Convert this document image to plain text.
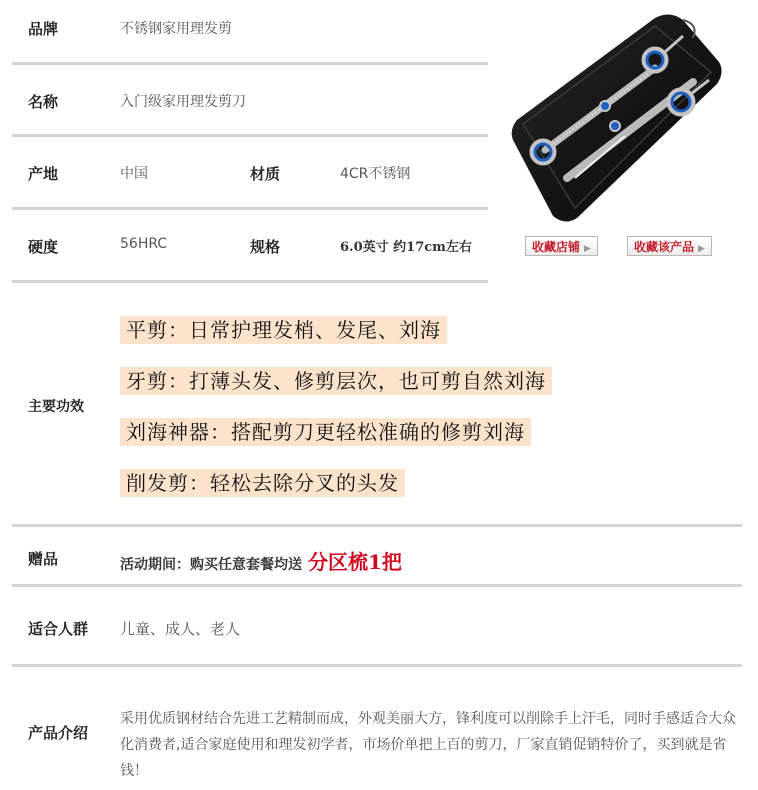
品牌	不锈钢家用理发剪
名称	入门级家用理发剪刀
产地	中国	材质	4CR不锈钢
硬度	56HRC	规格	6.0英寸 约17cm左右	收藏店铺 ▶	收藏该产品 ▶
主要功效
平剪：日常护理发梢、发尾、刘海
牙剪：打薄头发、修剪层次，也可剪自然刘海
刘海神器：搭配剪刀更轻松准确的修剪刘海
削发剪：轻松去除分叉的头发
赠品	活动期间：购买任意套餐均送 分区梳1把
适合人群 儿童、成人、老人
产品介绍
采用优质钢材结合先进工艺精制而成，外观美丽大方，锋利度可以削除手上汗毛，同时手感适合大众化消费者,适合家庭使用和理发初学者，市场价单把上百的剪刀，厂家直销促销特价了，买到就是省钱！
